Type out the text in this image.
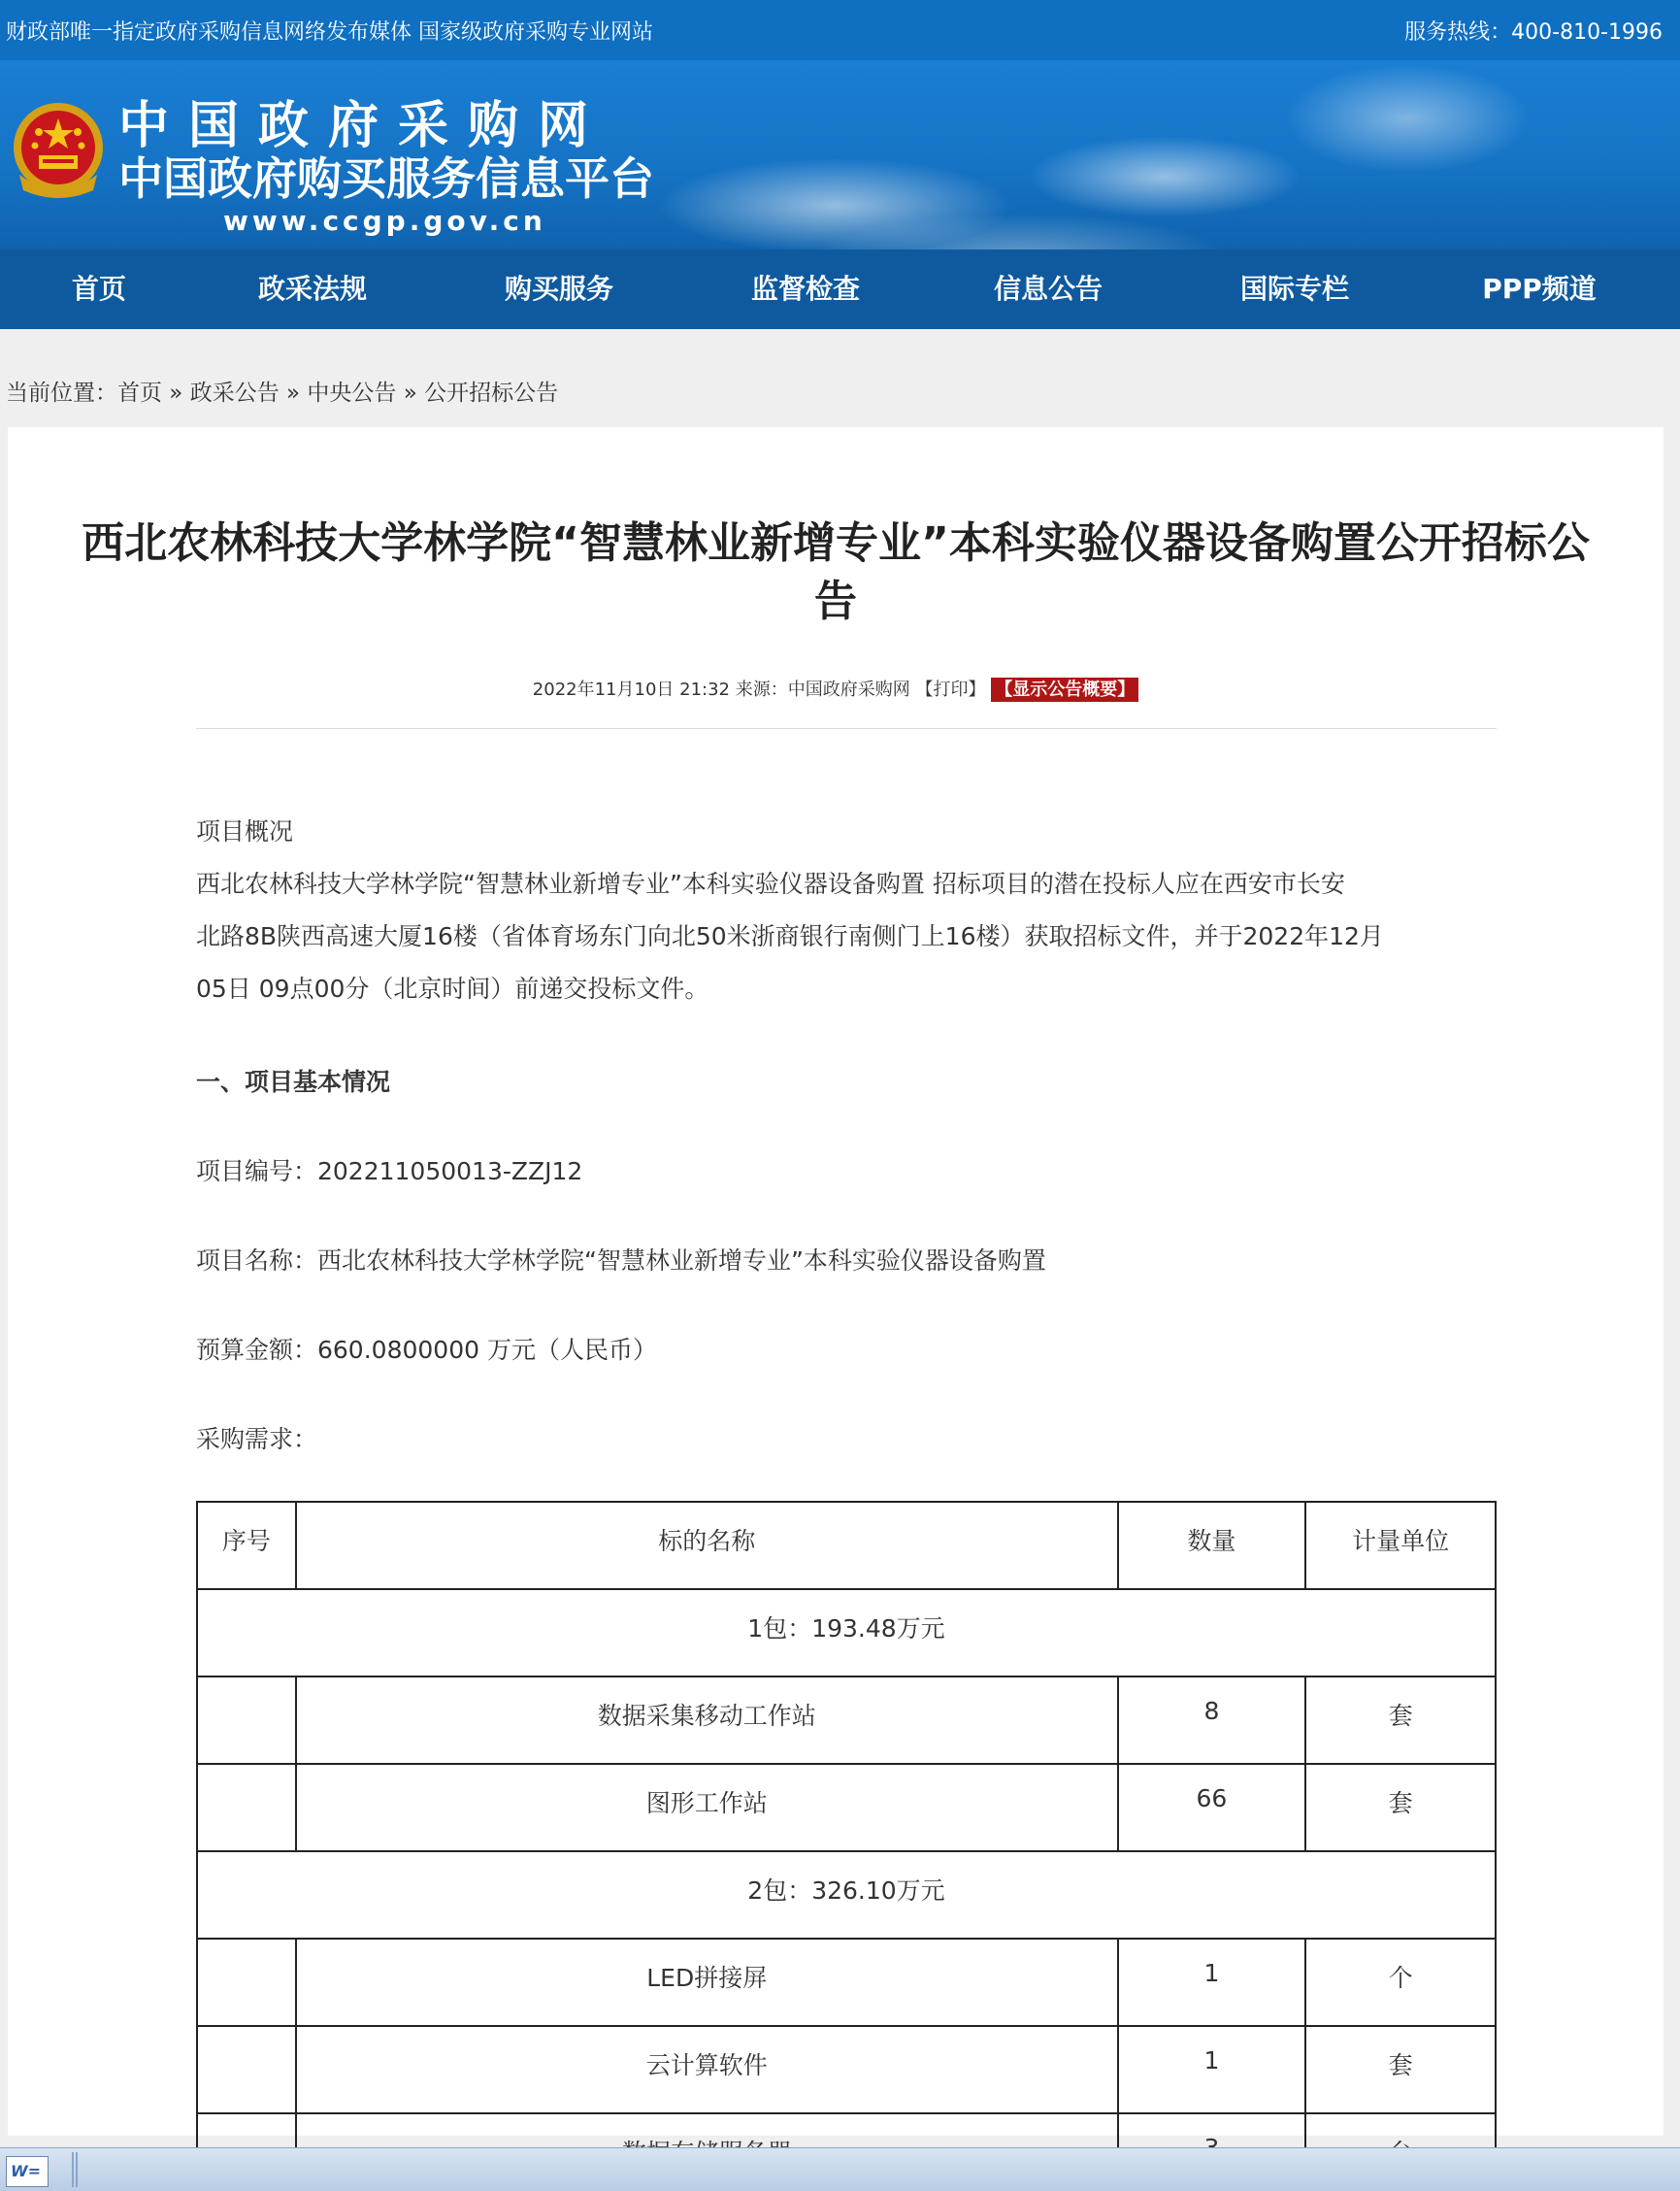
财政部唯一指定政府采购信息网络发布媒体 国家级政府采购专业网站	服务热线：400-810-1996
中国政府采购网
中国政府购买服务信息平台
www.ccgp.gov.cn
首页	政采法规	购买服务	监督检查	信息公告	国际专栏	PPP频道
当前位置：首页 » 政采公告 » 中央公告 » 公开招标公告
西北农林科技大学林学院“智慧林业新增专业”本科实验仪器设备购置公开招标公
告
2022年11月10日 21:32 来源：中国政府采购网 【打印】 【显示公告概要】
项目概况
西北农林科技大学林学院“智慧林业新增专业”本科实验仪器设备购置 招标项目的潜在投标人应在西安市长安
北路8B陕西高速大厦16楼（省体育场东门向北50米浙商银行南侧门上16楼）获取招标文件，并于2022年12月
05日 09点00分（北京时间）前递交投标文件。
一、项目基本情况
项目编号：202211050013-ZZJ12
项目名称：西北农林科技大学林学院“智慧林业新增专业”本科实验仪器设备购置
预算金额：660.0800000 万元（人民币）
采购需求：
序号	标的名称	数量	计量单位
1包：193.48万元			
	数据采集移动工作站	8	套
	图形工作站	66	套
2包：326.10万元			
	LED拼接屏	1	个
	云计算软件	1	套

W=
